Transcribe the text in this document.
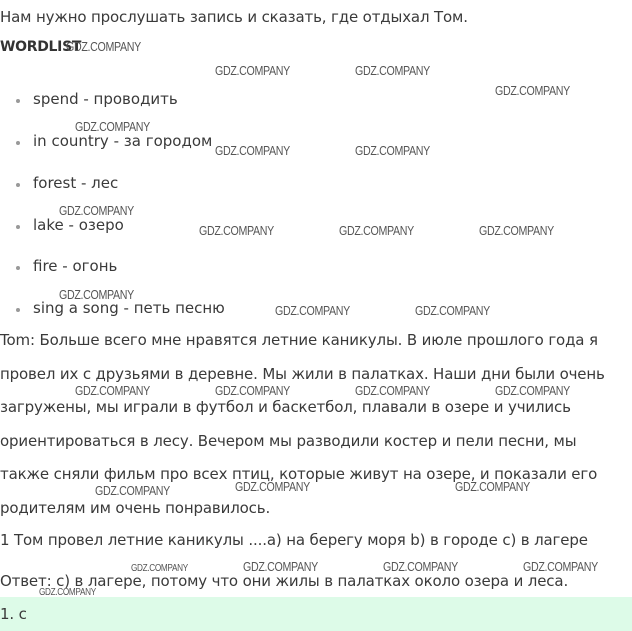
Нам нужно прослушать запись и сказать, где отдыхал Том.
WORDLIST
spend - проводить
in country - за городом
forest - лес
lake - озеро
fire - огонь
sing a song - петь песню
Tom: Больше всего мне нравятся летние каникулы. В июле прошлого года я
провел их с друзьями в деревне. Мы жили в палатках. Наши дни были очень
загружены, мы играли в футбол и баскетбол, плавали в озере и учились
ориентироваться в лесу. Вечером мы разводили костер и пели песни, мы
также сняли фильм про всех птиц, которые живут на озере, и показали его
родителям им очень понравилось.
1 Том провел летние каникулы ....а) на берегу моря b) в городе c) в лагере
Ответ: c) в лагере, потому что они жилы в палатках около озера и леса.
1. c
GDZ.COMPANY
GDZ.COMPANY	GDZ.COMPANY
GDZ.COMPANY
GDZ.COMPANY
GDZ.COMPANY	GDZ.COMPANY
GDZ.COMPANY
GDZ.COMPANY	GDZ.COMPANY	GDZ.COMPANY
GDZ.COMPANY
GDZ.COMPANY	GDZ.COMPANY
GDZ.COMPANY	GDZ.COMPANY	GDZ.COMPANY	GDZ.COMPANY
GDZ.COMPANY	GDZ.COMPANY	GDZ.COMPANY
GDZ.COMPANY	GDZ.COMPANY	GDZ.COMPANY	GDZ.COMPANY
GDZ.COMPANY
